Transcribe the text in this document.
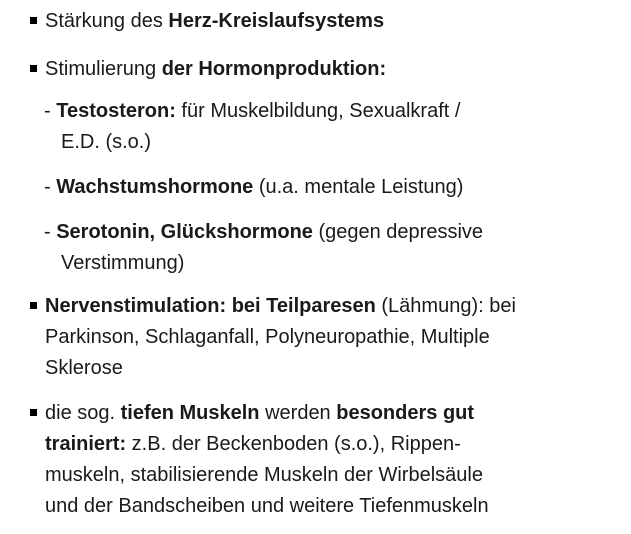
Stärkung des Herz-Kreislaufsystems
Stimulierung der Hormonproduktion:
- Testosteron: für Muskelbildung, Sexualkraft /
E.D. (s.o.)
- Wachstumshormone (u.a. mentale Leistung)
- Serotonin, Glückshormone (gegen depressive
Verstimmung)
Nervenstimulation: bei Teilparesen (Lähmung): bei
Parkinson, Schlaganfall, Polyneuropathie, Multiple
Sklerose
die sog. tiefen Muskeln werden besonders gut
trainiert: z.B. der Beckenboden (s.o.), Rippen-
muskeln, stabilisierende Muskeln der Wirbelsäule
und der Bandscheiben und weitere Tiefenmuskeln
